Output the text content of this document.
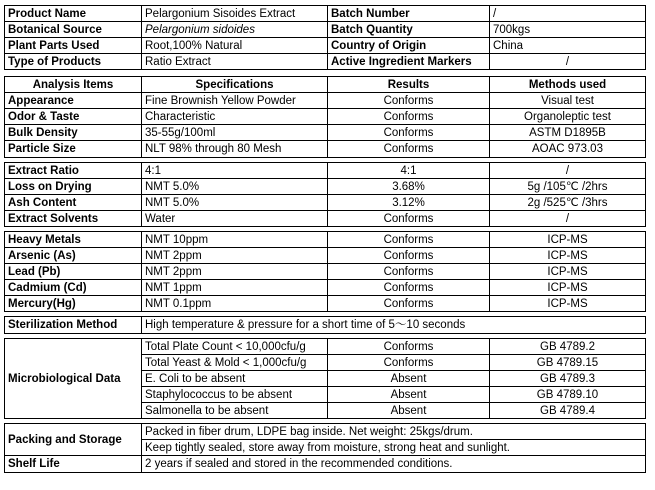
Product Name	Pelargonium Sisoides Extract	Batch Number	/
Botanical Source	Pelargonium sidoides	Batch Quantity	700kgs
Plant Parts Used	Root,100% Natural	Country of Origin	China
Type of Products	Ratio Extract	Active Ingredient Markers	/
Analysis Items	Specifications	Results	Methods used
Appearance	Fine Brownish Yellow Powder	Conforms	Visual test
Odor & Taste	Characteristic	Conforms	Organoleptic test
Bulk Density	35-55g/100ml	Conforms	ASTM D1895B
Particle Size	NLT 98% through 80 Mesh	Conforms	AOAC 973.03

Extract Ratio	4:1	4:1	/
Loss on Drying	NMT 5.0%	3.68%	5g /105℃ /2hrs
Ash Content	NMT 5.0%	3.12%	2g /525℃ /3hrs
Extract Solvents	Water	Conforms	/

Heavy Metals	NMT 10ppm	Conforms	ICP-MS
Arsenic (As)	NMT 2ppm	Conforms	ICP-MS
Lead (Pb)	NMT 2ppm	Conforms	ICP-MS
Cadmium (Cd)	NMT 1ppm	Conforms	ICP-MS
Mercury(Hg)	NMT 0.1ppm	Conforms	ICP-MS

Sterilization Method	High temperature & pressure for a short time of 5～10 seconds		

Microbiological Data	Total Plate Count < 10,000cfu/g	Conforms	GB 4789.2
	Total Yeast & Mold < 1,000cfu/g	Conforms	GB 4789.15
	E. Coli to be absent	Absent	GB 4789.3
	Staphylococcus to be absent	Absent	GB 4789.10
	Salmonella to be absent	Absent	GB 4789.4

Packing and Storage	Packed in fiber drum, LDPE bag inside. Net weight: 25kgs/drum.		
	Keep tightly sealed, store away from moisture, strong heat and sunlight.		
Shelf Life	2 years if sealed and stored in the recommended conditions.		
